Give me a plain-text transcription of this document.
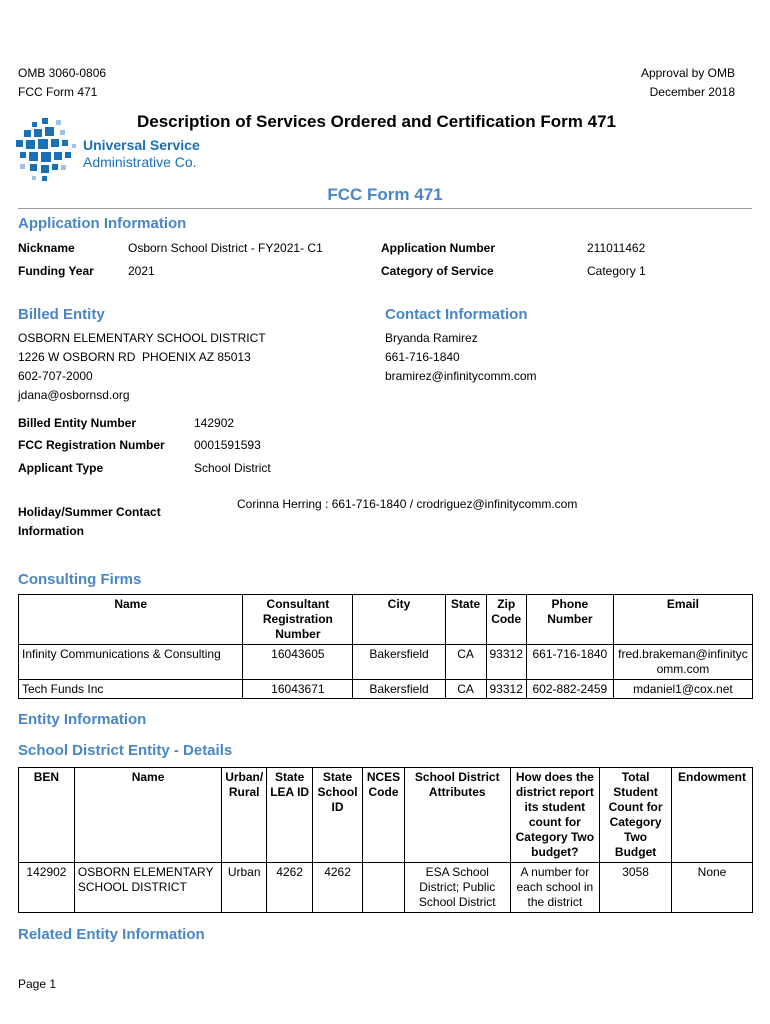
OMB 3060-0806
FCC Form 471
Approval by OMB
December 2018
Universal Service
Administrative Co.
Description of Services Ordered and Certification Form 471
FCC Form 471
Application Information
Nickname	Osborn School District - FY2021- C1
Funding Year	2021
Application Number	211011462
Category of Service	Category 1
Billed Entity
OSBORN ELEMENTARY SCHOOL DISTRICT
1226 W OSBORN RD  PHOENIX AZ 85013
602-707-2000
jdana@osbornsd.org
Contact Information
Bryanda Ramirez
661-716-1840
bramirez@infinitycomm.com
Billed Entity Number	142902
FCC Registration Number 0001591593
Applicant Type	School District
Holiday/Summer Contact
Information
Corinna Herring : 661-716-1840 / crodriguez@infinitycomm.com
Consulting Firms
Name	Consultant Registration Number	City	State	Zip Code	Phone Number	Email
Infinity Communications & Consulting	16043605	Bakersfield	CA	93312	661-716-1840	fred.brakeman@infinitycomm.com
Tech Funds Inc	16043671	Bakersfield	CA	93312	602-882-2459	mdaniel1@cox.net
Entity Information
School District Entity - Details
BEN	Name	Urban/ Rural	State LEA ID	State School ID	NCES Code	School District Attributes	How does the district report its student count for Category Two budget?	Total Student Count for Category Two Budget	Endowment
142902	OSBORN ELEMENTARY SCHOOL DISTRICT	Urban	4262	4262		ESA School District; Public School District	A number for each school in the district	3058	None
Related Entity Information
Page 1
